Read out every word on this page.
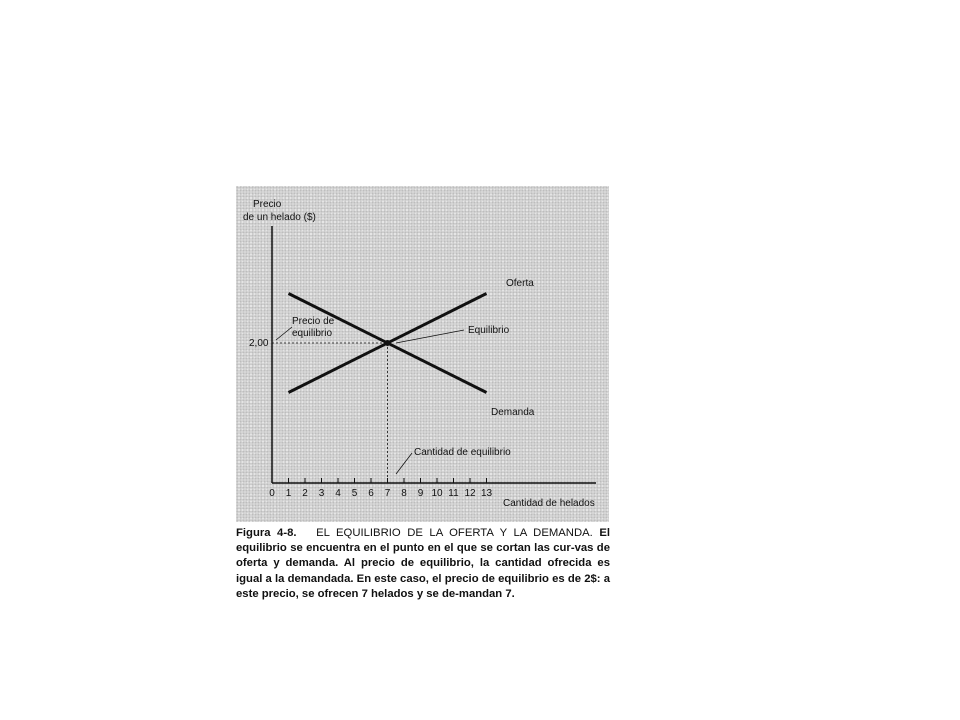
Precio
de un helado ($)
Cantidad de helados
0 1 2 3 4 5 6 7 8 9 10 11 12 13
2,00
Precio de
equilibrio
Oferta
Demanda
Equilibrio
Cantidad de equilibrio
Figura 4-8. EL EQUILIBRIO DE LA OFERTA Y LA DEMANDA. El equilibrio se encuentra en el punto en el que se cortan las cur-vas de oferta y demanda. Al precio de equilibrio, la cantidad ofrecida es igual a la demandada. En este caso, el precio de equilibrio es de 2$: a este precio, se ofrecen 7 helados y se de-mandan 7.
